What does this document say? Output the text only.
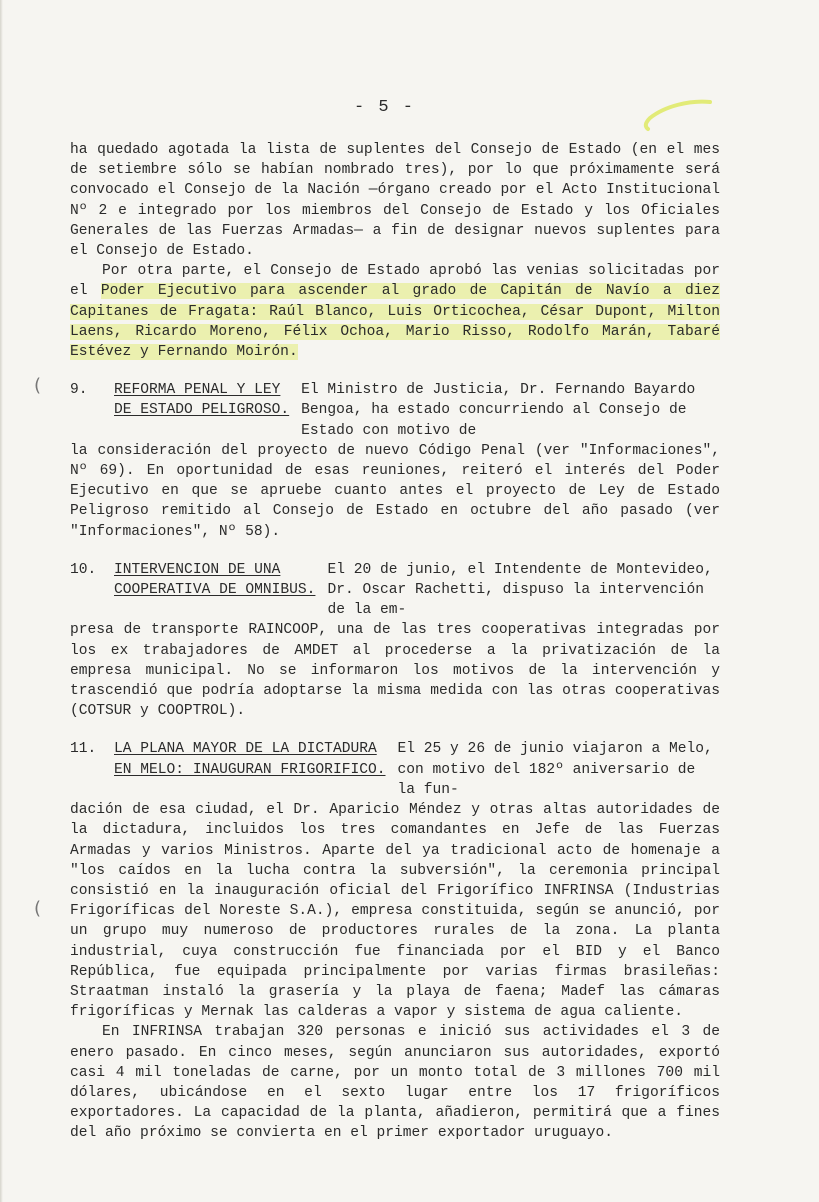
- 5 -

ha quedado agotada la lista de suplentes del Consejo de Estado (en el mes de setiembre sólo se habían nombrado tres), por lo que próximamente será convocado el Consejo de la Nación —órgano creado por el Acto Institucional Nº 2 e integrado por los miembros del Consejo de Estado y los Oficiales Generales de las Fuerzas Armadas— a fin de designar nuevos suplentes para el Consejo de Estado.

Por otra parte, el Consejo de Estado aprobó las venias solicitadas por el Poder Ejecutivo para ascender al grado de Capitán de Navío a diez Capitanes de Fragata: Raúl Blanco, Luis Orticochea, César Dupont, Milton Laens, Ricardo Moreno, Félix Ochoa, Mario Risso, Rodolfo Marán, Tabaré Estévez y Fernando Moirón.

( 9.	REFORMA PENAL Y LEY
DE ESTADO PELIGROSO.
El Ministro de Justicia, Dr. Fernando Bayardo Bengoa, ha estado concurriendo al Consejo de Estado con motivo de

la consideración del proyecto de nuevo Código Penal (ver "Informaciones", Nº 69). En oportunidad de esas reuniones, reiteró el interés del Poder Ejecutivo en que se apruebe cuanto antes el proyecto de Ley de Estado Peligroso remitido al Consejo de Estado en octubre del año pasado (ver "Informaciones", Nº 58).

10.	INTERVENCION DE UNA
COOPERATIVA DE OMNIBUS.
El 20 de junio, el Intendente de Montevideo, Dr. Oscar Rachetti, dispuso la intervención de la em-

presa de transporte RAINCOOP, una de las tres cooperativas integradas por los ex trabajadores de AMDET al procederse a la privatización de la empresa municipal. No se informaron los motivos de la intervención y trascendió que podría adoptarse la misma medida con las otras cooperativas (COTSUR y COOPTROL).

(
11.	LA PLANA MAYOR DE LA DICTADURA
EN MELO: INAUGURAN FRIGORIFICO.
El 25 y 26 de junio viajaron a Melo, con motivo del 182º aniversario de la fun-

dación de esa ciudad, el Dr. Aparicio Méndez y otras altas autoridades de la dictadura, incluidos los tres comandantes en Jefe de las Fuerzas Armadas y varios Ministros. Aparte del ya tradicional acto de homenaje a "los caídos en la lucha contra la subversión", la ceremonia principal consistió en la inauguración oficial del Frigorífico INFRINSA (Industrias Frigoríficas del Noreste S.A.), empresa constituida, según se anunció, por un grupo muy numeroso de productores rurales de la zona. La planta industrial, cuya construcción fue financiada por el BID y el Banco República, fue equipada principalmente por varias firmas brasileñas: Straatman instaló la grasería y la playa de faena; Madef las cámaras frigoríficas y Mernak las calderas a vapor y sistema de agua caliente.

En INFRINSA trabajan 320 personas e inició sus actividades el 3 de enero pasado. En cinco meses, según anunciaron sus autoridades, exportó casi 4 mil toneladas de carne, por un monto total de 3 millones 700 mil dólares, ubicándose en el sexto lugar entre los 17 frigoríficos exportadores. La capacidad de la planta, añadieron, permitirá que a fines del año próximo se convierta en el primer exportador uruguayo.
